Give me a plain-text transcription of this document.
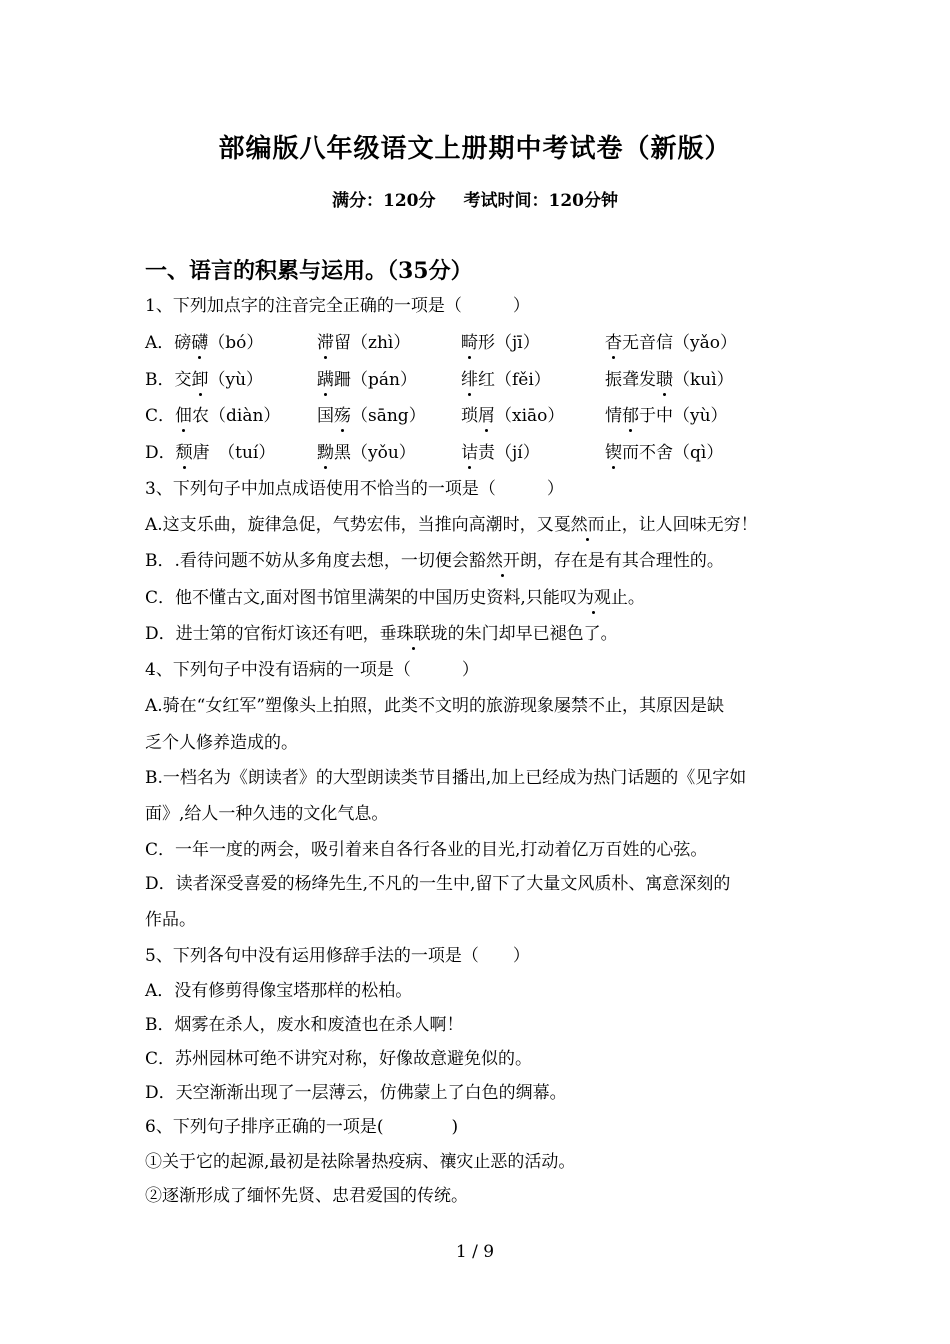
部编版八年级语文上册期中考试卷（新版）
满分：120分 考试时间：120分钟
一、语言的积累与运用。（35分）
1、下列加点字的注音完全正确的一项是（　　　）
A．磅礴（bó）	滞留（zhì）	畸形（jī）	杳无音信（yǎo）
B．交卸（yù）	蹒跚（pán）	绯红（fěi）	振聋发聩（kuì）
C．佃农（diàn） 国殇（sāng） 琐屑（xiāo） 情郁于中（yù）
D．颓唐　（tuí） 黝黑（yǒu）	诘责（jí）	锲而不舍（qì）
3、下列句子中加点成语使用不恰当的一项是（　　　）
A.这支乐曲，旋律急促，气势宏伟，当推向高潮时，又戛然而止，让人回味无穷！
B．.看待问题不妨从多角度去想，一切便会豁然开朗，存在是有其合理性的。
C．他不懂古文,面对图书馆里满架的中国历史资料,只能叹为观止。
D．进士第的官衔灯该还有吧，垂珠联珑的朱门却早已褪色了。
4、下列句子中没有语病的一项是（　　　）
A.骑在“女红军”塑像头上拍照，此类不文明的旅游现象屡禁不止，其原因是缺
乏个人修养造成的。
B.一档名为《朗读者》的大型朗读类节目播出,加上已经成为热门话题的《见字如
面》,给人一种久违的文化气息。
C．一年一度的两会，吸引着来自各行各业的目光,打动着亿万百姓的心弦。
D．读者深受喜爱的杨绛先生,不凡的一生中,留下了大量文风质朴、寓意深刻的
作品。
5、下列各句中没有运用修辞手法的一项是（　　）
A．没有修剪得像宝塔那样的松柏。
B．烟雾在杀人，废水和废渣也在杀人啊！
C．苏州园林可绝不讲究对称，好像故意避免似的。
D．天空渐渐出现了一层薄云，仿佛蒙上了白色的绸幕。
6、下列句子排序正确的一项是(　　　　)
①关于它的起源,最初是祛除暑热疫病、禳灾止恶的活动。
②逐渐形成了缅怀先贤、忠君爱国的传统。
1 / 9
